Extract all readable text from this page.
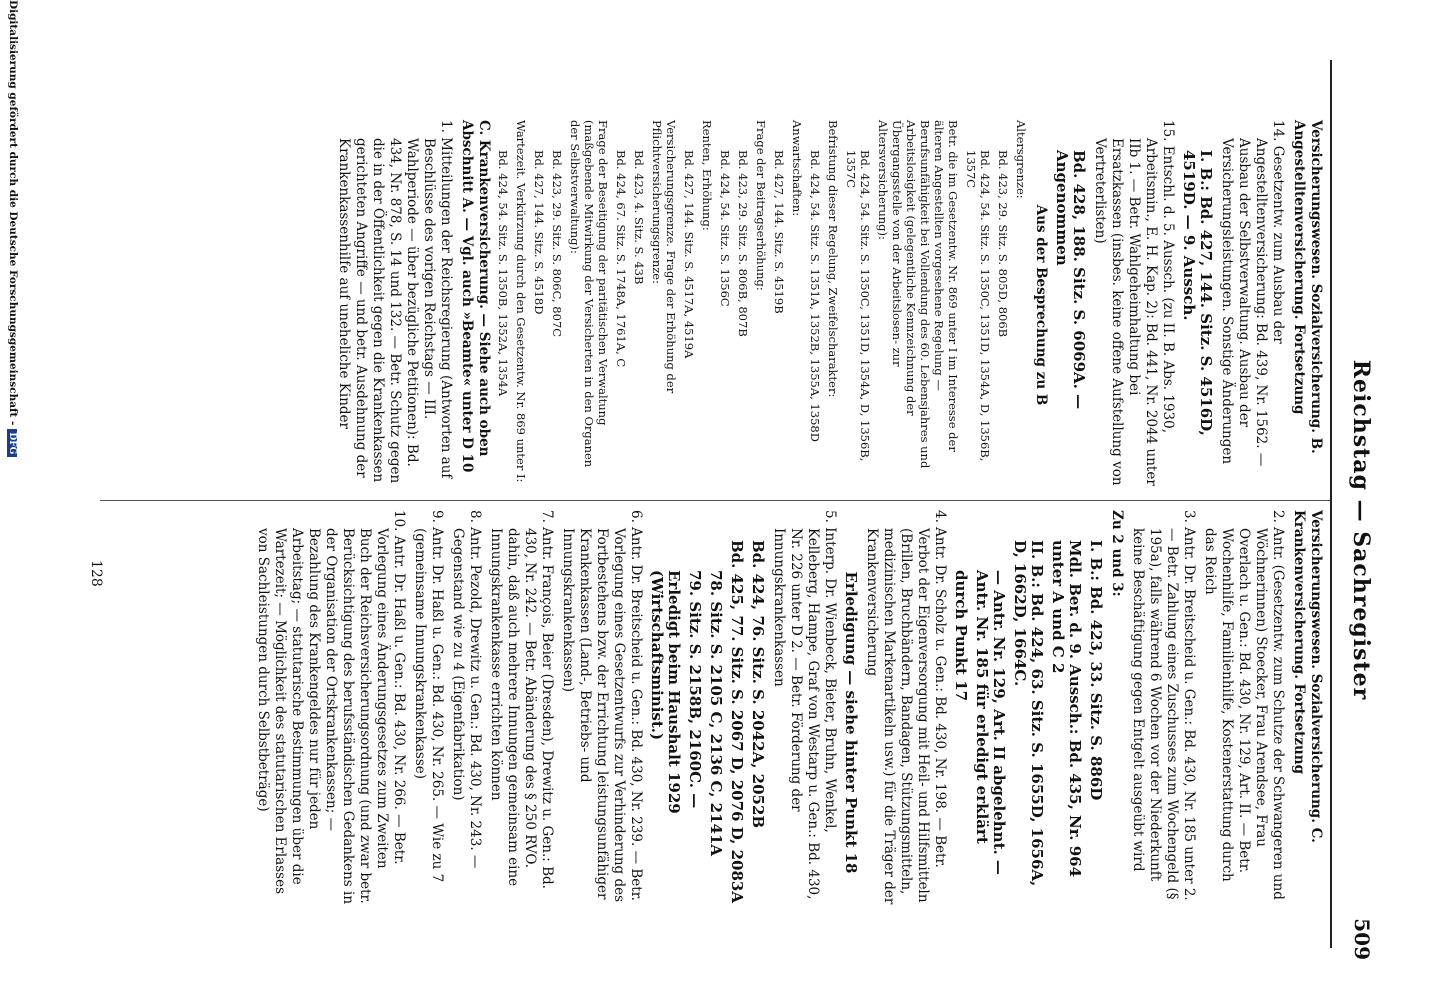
Reichstag — Sachregister
509

Versicherungswesen. Sozialversicherung. B. Angestelltenversicherung. Fortsetzung

14. Gesetzentw. zum Ausbau der Angestelltenversicherung: Bd. 439, Nr. 1562. — Ausbau der Selbstverwaltung. Ausbau der Versicherungsleistungen. Sonstige Änderungen

I. B.: Bd. 427, 144. Sitz. S. 4516D, 4519D. — 9. Aussch.

15. Entschl. d. 5. Aussch. (zu II. B. Abs. 1930, Arbeitsmin., E. H. Kap. 2): Bd. 441, Nr. 2044 unter IIb 1. — Betr. Wahlgeheimhaltung bei Ersatzkassen (insbes. keine offene Aufstellung von Vertreterlisten)

Bd. 428, 188. Sitz. S. 6069A. — Angenommen

Aus der Besprechung zu B

Altersgrenze:

Bd. 423, 29. Sitz. S. 805D, 806B

Bd. 424, 54. Sitz. S. 1350C, 1351D, 1354A, D, 1356B, 1357C

Betr. die im Gesetzentw. Nr. 869 unter I im Interesse der älteren Angestellten vorgesehene Regelung — Berufsunfähigkeit bei Vollendung des 60. Lebensjahres und Arbeitslosigkeit (gelegentliche Kennzeichnung der Übergangsstelle von der Arbeitslosen- zur Altersversicherung):

Bd. 424, 54. Sitz. S. 1350C, 1351D, 1354A, D, 1356B, 1357C

Befristung dieser Regelung, Zweifelscharakter:

Bd. 424, 54. Sitz. S. 1351A, 1352B, 1355A, 1358D

Anwartschaften:

Bd. 427, 144. Sitz. S. 4519B

Frage der Beitragserhöhung:

Bd. 423, 29. Sitz. S. 806B, 807B

Bd. 424, 54. Sitz. S. 1356C

Renten, Erhöhung:

Bd. 427, 144. Sitz. S. 4517A, 4519A

Versicherungsgrenze. Frage der Erhöhung der Pflichtversicherungsgrenze:

Bd. 423, 4. Sitz. S. 43B

Bd. 424, 67. Sitz. S. 1748A, 1761A, C

Frage der Beseitigung der paritätischen Verwaltung (maßgebende Mitwirkung der Versicherten in den Organen der Selbstverwaltung):

Bd. 423, 29. Sitz. S. 806C, 807C

Bd. 427, 144. Sitz. S. 4518D

Wartezeit. Verkürzung durch den Gesetzentw. Nr. 869 unter I:

Bd. 424, 54. Sitz. S. 1350B, 1352A, 1354A

C. Krankenversicherung. — Siehe auch oben Abschnitt A. — Vgl. auch »Beamte« unter D 10

1. Mitteilungen der Reichsregierung (Antworten auf Beschlüsse des vorigen Reichstags — III. Wahlperiode — über bezügliche Petitionen): Bd. 434, Nr. 878, S. 14 und 132. — Betr. Schutz gegen die in der Öffentlichkeit gegen die Krankenkassen gerichteten Angriffe — und betr. Ausdehnung der Krankenkassenhilfe auf uneheliche Kinder

Versicherungswesen. Sozialversicherung. C. Krankenversicherung. Fortsetzung

2. Antr. (Gesetzentw. zum Schutze der Schwangeren und Wöchnerinnen) Stoecker, Frau Arendsee, Frau Overlach u. Gen.: Bd. 430, Nr. 129, Art. II. — Betr. Wochenhilfe, Familienhilfe, Kostenerstattung durch das Reich

3. Antr. Dr. Breitscheid u. Gen.: Bd. 430, Nr. 185 unter 2. — Betr. Zahlung eines Zuschusses zum Wochengeld (§ 195a), falls während 6 Wochen vor der Niederkunft keine Beschäftigung gegen Entgelt ausgeübt wird

Zu 2 und 3:

I. B.: Bd. 423, 33. Sitz. S. 886D

Mdl. Ber. d. 9. Aussch.: Bd. 435, Nr. 964 unter A und C 2

II. B.: Bd. 424, 63. Sitz. S. 1655D, 1656A, D, 1662D, 1664C.

— Antr. Nr. 129, Art. II abgelehnt. — Antr. Nr. 185 für erledigt erklärt

durch Punkt 17

4. Antr. Dr. Scholz u. Gen.: Bd. 430, Nr. 198. — Betr. Verbot der Eigenversorgung mit Heil- und Hilfsmitteln (Brillen, Bruchbändern, Bandagen, Stützungsmitteln, medizinischen Markenartikeln usw.) für die Träger der Krankenversicherung

Erledigung — siehe hinter Punkt 18

5. Interp. Dr. Wienbeck, Bieter, Bruhn, Wenkel, Kelleberg, Hampe, Graf von Westarp u. Gen.: Bd. 430, Nr. 226 unter D 2. — Betr. Förderung der Innungskrankenkassen

Bd. 424, 76. Sitz. S. 2042A, 2052B

Bd. 425, 77. Sitz. S. 2067 D, 2076 D, 2083A

78. Sitz. S. 2105 C, 2136 C, 2141A

79. Sitz. S. 2158B, 2160C. —

Erledigt beim Haushalt 1929 (Wirtschaftsminist.)

6. Antr. Dr. Breitscheid u. Gen.: Bd. 430, Nr. 239. — Betr. Vorlegung eines Gesetzentwurfs zur Verhinderung des Fortbestehens bzw. der Errichtung leistungsunfähiger Krankenkassen (Land-, Betriebs- und Innungskrankenkassen)

7. Antr. François, Beier (Dresden), Drewitz u. Gen.: Bd. 430, Nr. 242. — Betr. Abänderung des § 250 RVO. dahin, daß auch mehrere Innungen gemeinsam eine Innungskrankenkasse errichten können

8. Antr. Pezold, Drewitz u. Gen.: Bd. 430, Nr. 243. — Gegenstand wie zu 4 (Eigenfabrikation)

9. Antr. Dr. Haßl u. Gen.: Bd. 430, Nr. 265. — Wie zu 7 (gemeinsame Innungskrankenkasse)

10. Antr. Dr. Haßl u. Gen.: Bd. 430, Nr. 266. — Betr. Vorlegung eines Änderungsgesetzes zum Zweiten Buch der Reichsversicherungsordnung (und zwar betr. Berücksichtigung des berufsständischen Gedankens in der Organisation der Ortskrankenkassen; — Bezahlung des Krankengeldes nur für jeden Arbeitstag; — statutarische Bestimmungen über die Wartezeit; — Möglichkeit des statutarischen Erlasses von Sachleistungen durch Selbstbeträge)

128
Digitalisierung gefördert durch die Deutsche Forschungsgemeinschaft -DFG
